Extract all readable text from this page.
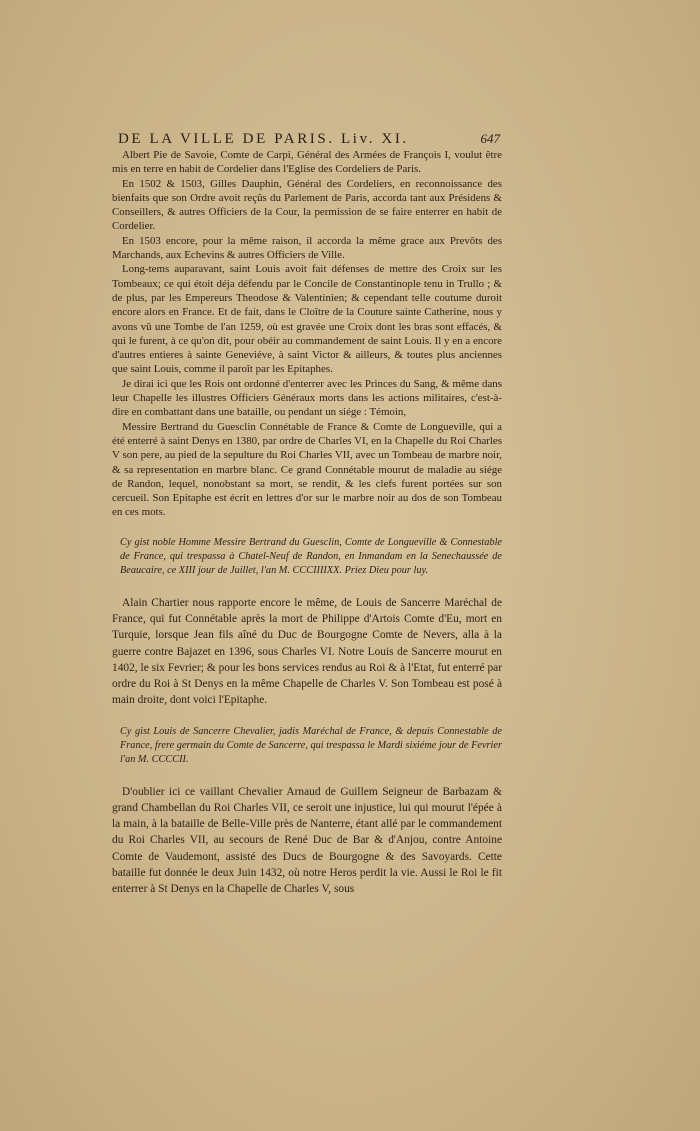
DE LA VILLE DE PARIS. Liv. XI.	647

Albert Pie de Savoie, Comte de Carpi, Général des Armées de François I, voulut être mis en terre en habit de Cordelier dans l'Eglise des Cordeliers de Paris.

En 1502 & 1503, Gilles Dauphin, Général des Cordeliers, en reconnoissance des bienfaits que son Ordre avoit reçûs du Parlement de Paris, accorda tant aux Présidens & Conseillers, & autres Officiers de la Cour, la permission de se faire enterrer en habit de Cordelier.

En 1503 encore, pour la même raison, il accorda la même grace aux Prevôts des Marchands, aux Echevins & autres Officiers de Ville.

Long-tems auparavant, saint Louis avoit fait défenses de mettre des Croix sur les Tombeaux; ce qui étoit déja défendu par le Concile de Constantinople tenu in Trullo ; & de plus, par les Empereurs Theodose & Valentinien; & cependant telle coutume duroit encore alors en France. Et de fait, dans le Cloître de la Couture sainte Catherine, nous y avons vû une Tombe de l'an 1259, où est gravée une Croix dont les bras sont effacés, & qui le furent, à ce qu'on dit, pour obéir au commandement de saint Louis. Il y en a encore d'autres entieres à sainte Geneviéve, à saint Victor & ailleurs, & toutes plus anciennes que saint Louis, comme il paroît par les Epitaphes.

Je dirai ici que les Rois ont ordonné d'enterrer avec les Princes du Sang, & même dans leur Chapelle les illustres Officiers Généraux morts dans les actions militaires, c'est-à-dire en combattant dans une bataille, ou pendant un siége : Témoin,

Messire Bertrand du Guesclin Connétable de France & Comte de Longueville, qui a été enterré à saint Denys en 1380, par ordre de Charles VI, en la Chapelle du Roi Charles V son pere, au pied de la sepulture du Roi Charles VII, avec un Tombeau de marbre noir, & sa representation en marbre blanc. Ce grand Connétable mourut de maladie au siége de Randon, lequel, nonobstant sa mort, se rendit, & les clefs furent portées sur son cercueil. Son Epitaphe est écrit en lettres d'or sur le marbre noir au dos de son Tombeau en ces mots.

Cy gist noble Homme Messire Bertrand du Guesclin, Comte de Longueville & Connestable de France, qui trespassa à Chatel-Neuf de Randon, en Inmandam en la Senechaussée de Beaucaire, ce XIII jour de Juillet, l'an M. CCCIIIIXX. Priez Dieu pour luy.

Alain Chartier nous rapporte encore le même, de Louis de Sancerre Maréchal de France, qui fut Connétable après la mort de Philippe d'Artois Comte d'Eu, mort en Turquie, lorsque Jean fils aîné du Duc de Bourgogne Comte de Nevers, alla à la guerre contre Bajazet en 1396, sous Charles VI. Notre Louis de Sancerre mourut en 1402, le six Fevrier; & pour les bons services rendus au Roi & à l'Etat, fut enterré par ordre du Roi à St Denys en la même Chapelle de Charles V. Son Tombeau est posé à main droite, dont voici l'Epitaphe.

Cy gist Louis de Sancerre Chevalier, jadis Maréchal de France, & depuis Connestable de France, frere germain du Comte de Sancerre, qui trespassa le Mardi sixiéme jour de Fevrier l'an M. CCCCII.

D'oublier ici ce vaillant Chevalier Arnaud de Guillem Seigneur de Barbazam & grand Chambellan du Roi Charles VII, ce seroit une injustice, lui qui mourut l'épée à la main, à la bataille de Belle-Ville près de Nanterre, étant allé par le commandement du Roi Charles VII, au secours de René Duc de Bar & d'Anjou, contre Antoine Comte de Vaudemont, assisté des Ducs de Bourgogne & des Savoyards. Cette bataille fut donnée le deux Juin 1432, où notre Heros perdit la vie. Aussi le Roi le fit enterrer à St Denys en la Chapelle de Charles V, sous
